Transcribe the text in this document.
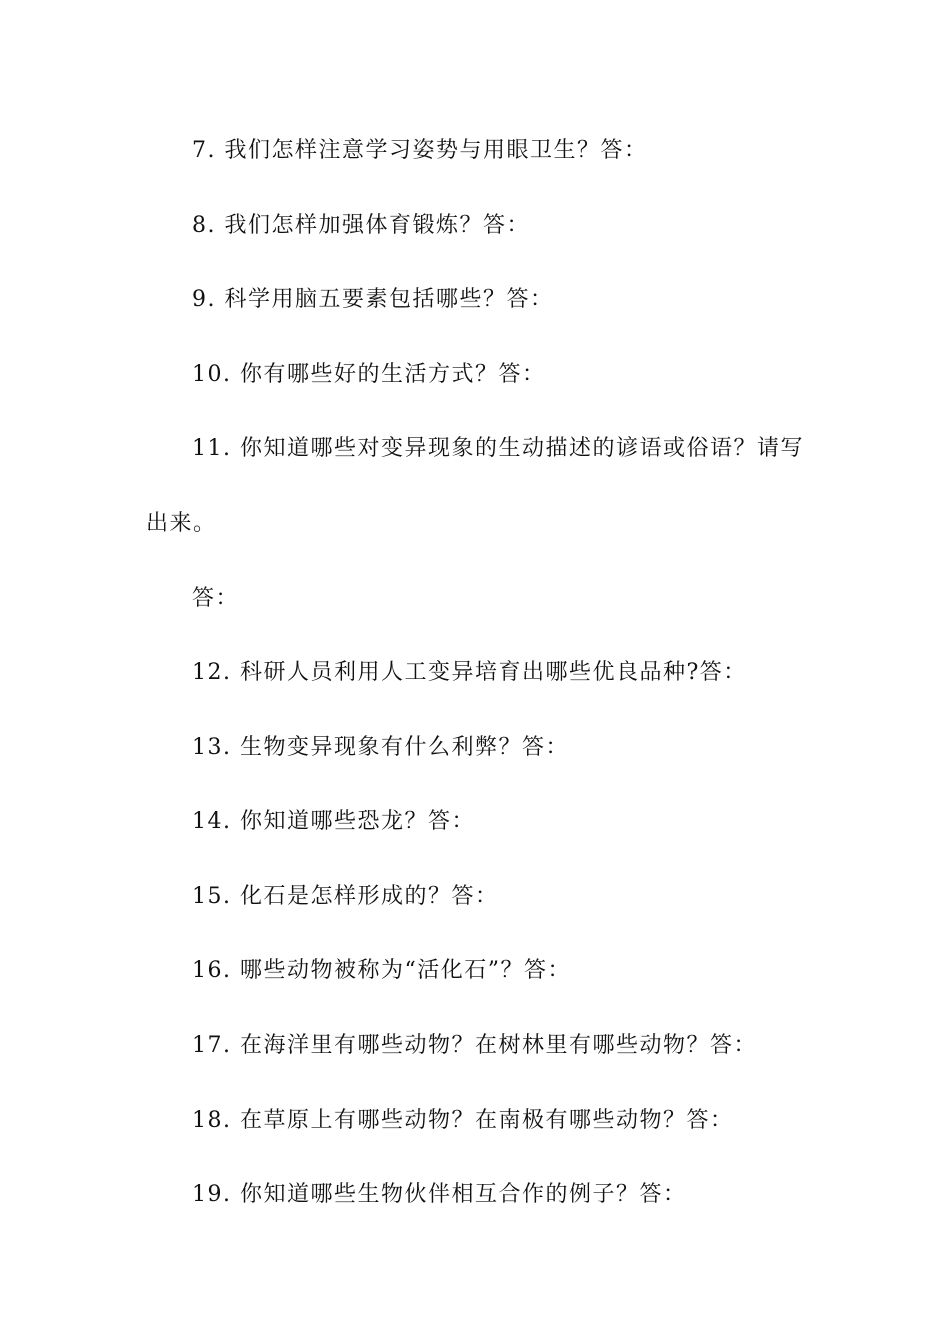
7. 我们怎样注意学习姿势与用眼卫生？答：
8. 我们怎样加强体育锻炼？答：
9. 科学用脑五要素包括哪些？答：
10. 你有哪些好的生活方式？答：
11. 你知道哪些对变异现象的生动描述的谚语或俗语？请写
出来。
答：
12. 科研人员利用人工变异培育出哪些优良品种?答：
13. 生物变异现象有什么利弊？答：
14. 你知道哪些恐龙？答：
15. 化石是怎样形成的？答：
16. 哪些动物被称为“活化石”？答：
17. 在海洋里有哪些动物？在树林里有哪些动物？答：
18. 在草原上有哪些动物？在南极有哪些动物？答：
19. 你知道哪些生物伙伴相互合作的例子？答：
